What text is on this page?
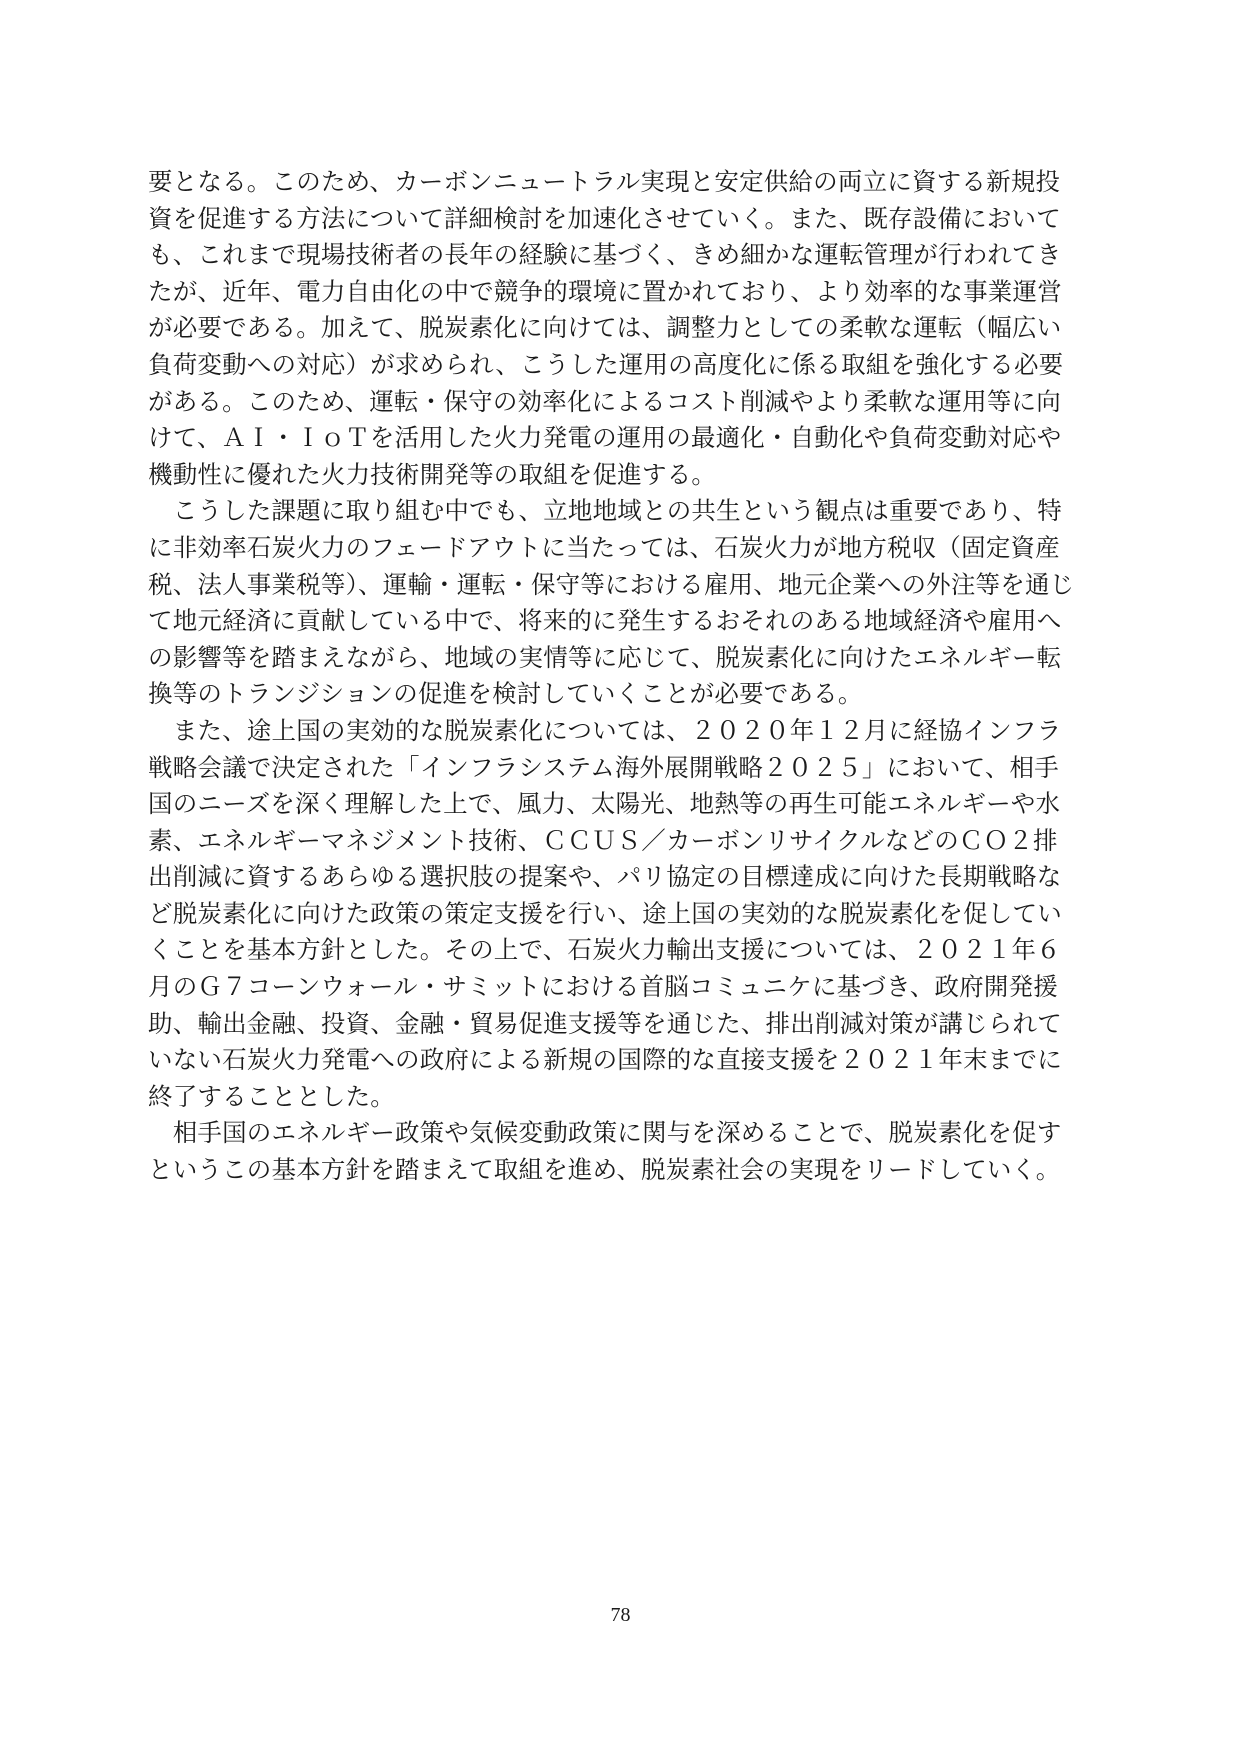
要となる。このため、カーボンニュートラル実現と安定供給の両立に資する新規投
資を促進する方法について詳細検討を加速化させていく。また、既存設備において
も、これまで現場技術者の長年の経験に基づく、きめ細かな運転管理が行われてき
たが、近年、電力自由化の中で競争的環境に置かれており、より効率的な事業運営
が必要である。加えて、脱炭素化に向けては、調整力としての柔軟な運転（幅広い
負荷変動への対応）が求められ、こうした運用の高度化に係る取組を強化する必要
がある。このため、運転・保守の効率化によるコスト削減やより柔軟な運用等に向
けて、ＡＩ・ＩｏＴを活用した火力発電の運用の最適化・自動化や負荷変動対応や
機動性に優れた火力技術開発等の取組を促進する。
　こうした課題に取り組む中でも、立地地域との共生という観点は重要であり、特
に非効率石炭火力のフェードアウトに当たっては、石炭火力が地方税収（固定資産
税、法人事業税等）、運輸・運転・保守等における雇用、地元企業への外注等を通じ
て地元経済に貢献している中で、将来的に発生するおそれのある地域経済や雇用へ
の影響等を踏まえながら、地域の実情等に応じて、脱炭素化に向けたエネルギー転
換等のトランジションの促進を検討していくことが必要である。
　また、途上国の実効的な脱炭素化については、２０２０年１２月に経協インフラ
戦略会議で決定された「インフラシステム海外展開戦略２０２５」において、相手
国のニーズを深く理解した上で、風力、太陽光、地熱等の再生可能エネルギーや水
素、エネルギーマネジメント技術、ＣＣＵＳ／カーボンリサイクルなどのＣＯ２排
出削減に資するあらゆる選択肢の提案や、パリ協定の目標達成に向けた長期戦略な
ど脱炭素化に向けた政策の策定支援を行い、途上国の実効的な脱炭素化を促してい
くことを基本方針とした。その上で、石炭火力輸出支援については、２０２１年６
月のＧ７コーンウォール・サミットにおける首脳コミュニケに基づき、政府開発援
助、輸出金融、投資、金融・貿易促進支援等を通じた、排出削減対策が講じられて
いない石炭火力発電への政府による新規の国際的な直接支援を２０２１年末までに
終了することとした。
　相手国のエネルギー政策や気候変動政策に関与を深めることで、脱炭素化を促す
というこの基本方針を踏まえて取組を進め、脱炭素社会の実現をリードしていく。
78
